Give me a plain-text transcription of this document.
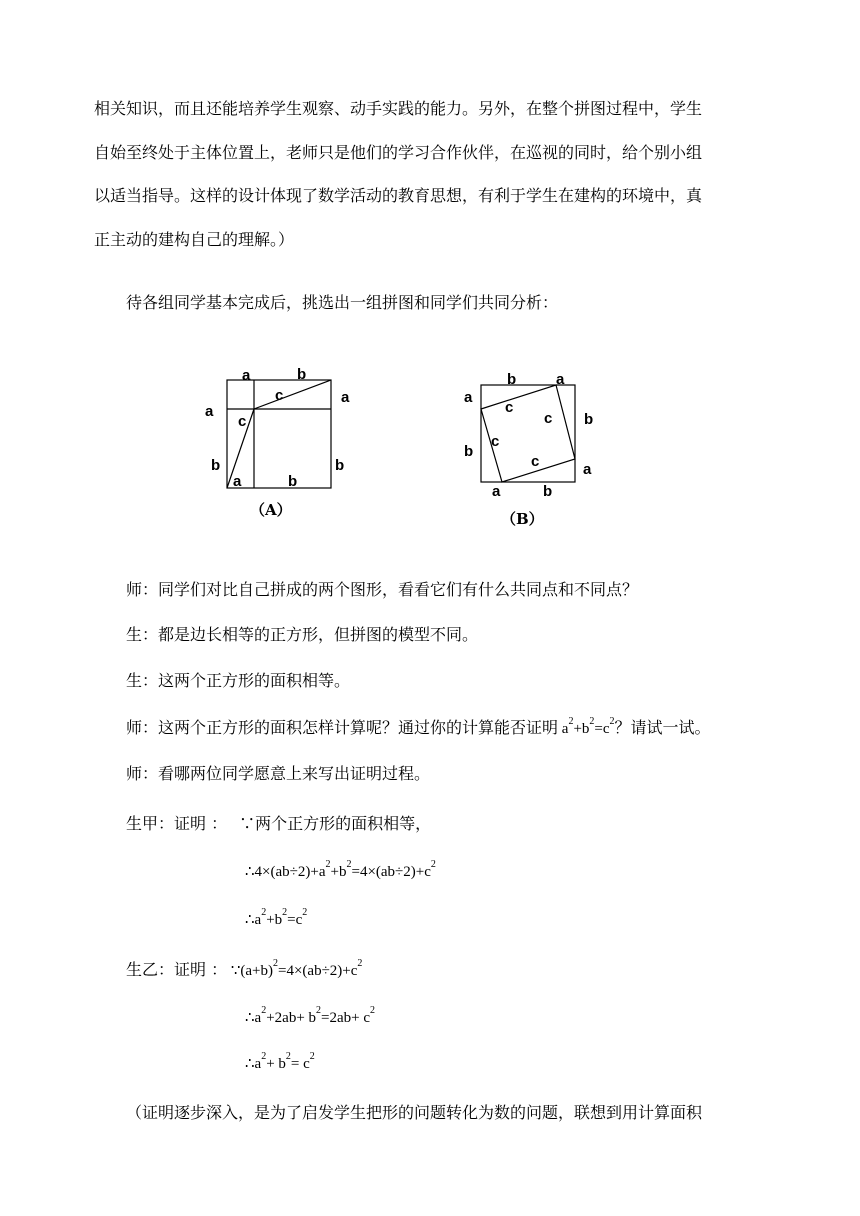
相关知识，而且还能培养学生观察、动手实践的能力。另外，在整个拼图过程中，学生
自始至终处于主体位置上，老师只是他们的学习合作伙伴，在巡视的同时，给个别小组
以适当指导。这样的设计体现了数学活动的教育思想，有利于学生在建构的环境中，真
正主动的建构自己的理解。）
待各组同学基本完成后，挑选出一组拼图和同学们共同分析：
a	b
c
a
a
c
b	b
a	b
（A）
b	a
a
b
c
c
c
b
c	a
a	b
（B）
师：同学们对比自己拼成的两个图形，看看它们有什么共同点和不同点？
生：都是边长相等的正方形，但拼图的模型不同。
生：这两个正方形的面积相等。
师：这两个正方形的面积怎样计算呢？通过你的计算能否证明 $a^2+b^2=c^2$？请试一试。
师：看哪两位同学愿意上来写出证明过程。
生甲：证明 ： ∵两个正方形的面积相等，
$\therefore 4\times(ab\div 2)+a^2+b^2=4\times(ab\div 2)+c^2$
$\therefore a^2+b^2=c^2$
生乙：证明 ： $\because(a+b)^2=4\times(ab\div 2)+c^2$
$\therefore a^2+2ab+ b^2=2ab+ c^2$
$\therefore a^2+ b^2= c^2$
（证明逐步深入，是为了启发学生把形的问题转化为数的问题，联想到用计算面积
